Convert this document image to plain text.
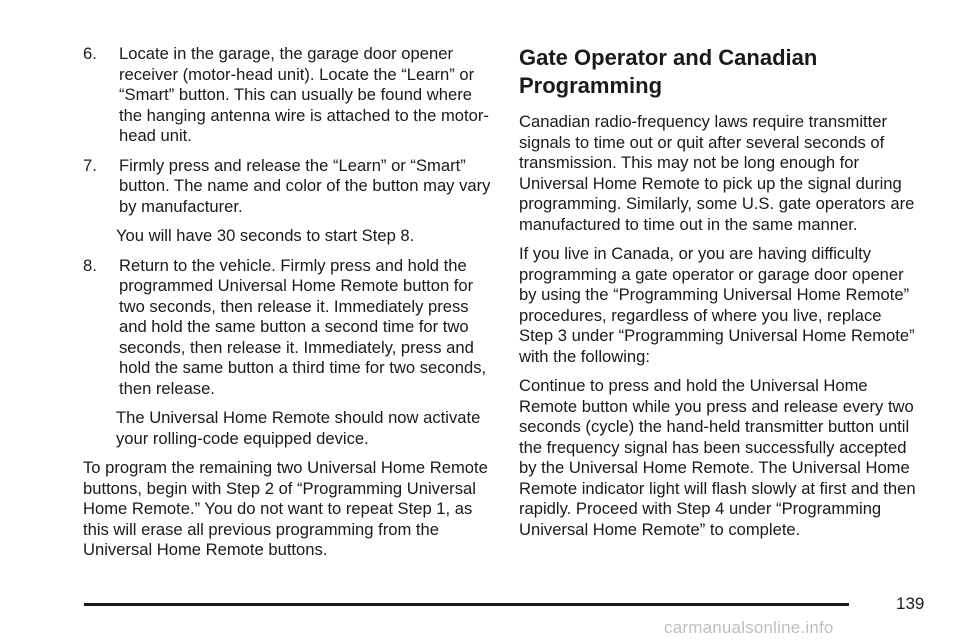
6.	Locate in the garage, the garage door opener receiver (motor-head unit). Locate the “Learn” or “Smart” button. This can usually be found where the hanging antenna wire is attached to the motor-head unit.
7.	Firmly press and release the “Learn” or “Smart” button. The name and color of the button may vary by manufacturer.

You will have 30 seconds to start Step 8.

8.	Return to the vehicle. Firmly press and hold the programmed Universal Home Remote button for two seconds, then release it. Immediately press and hold the same button a second time for two seconds, then release it. Immediately, press and hold the same button a third time for two seconds, then release.

The Universal Home Remote should now activate your rolling-code equipped device.

To program the remaining two Universal Home Remote buttons, begin with Step 2 of “Programming Universal Home Remote.” You do not want to repeat Step 1, as this will erase all previous programming from the Universal Home Remote buttons.

Gate Operator and Canadian Programming

Canadian radio-frequency laws require transmitter signals to time out or quit after several seconds of transmission. This may not be long enough for Universal Home Remote to pick up the signal during programming. Similarly, some U.S. gate operators are manufactured to time out in the same manner.

If you live in Canada, or you are having difficulty programming a gate operator or garage door opener by using the “Programming Universal Home Remote” procedures, regardless of where you live, replace Step 3 under “Programming Universal Home Remote” with the following:

Continue to press and hold the Universal Home Remote button while you press and release every two seconds (cycle) the hand-held transmitter button until the frequency signal has been successfully accepted by the Universal Home Remote. The Universal Home Remote indicator light will flash slowly at first and then rapidly. Proceed with Step 4 under “Programming Universal Home Remote” to complete.

139
carmanualsonline.info
